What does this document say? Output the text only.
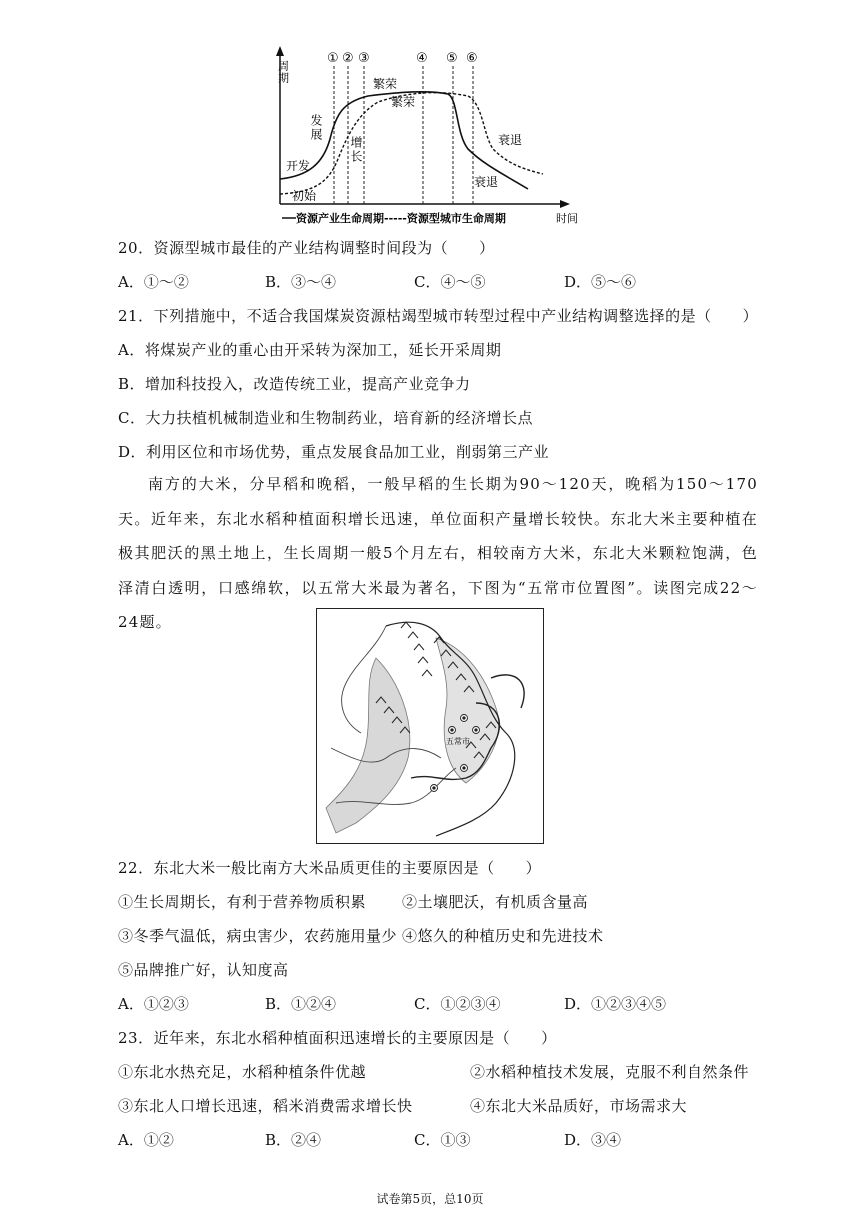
周期
时间
① ② ③	④ ⑤ ⑥
繁荣
繁荣
发展
增长
开发
初始
衰退
衰退
资源产业生命周期-----资源型城市生命周期
20．资源型城市最佳的产业结构调整时间段为（　　）
A．①～②	B．③～④	C．④～⑤	D．⑤～⑥
21．下列措施中，不适合我国煤炭资源枯竭型城市转型过程中产业结构调整选择的是（　　）
A．将煤炭产业的重心由开采转为深加工，延长开采周期
B．增加科技投入，改造传统工业，提高产业竞争力
C．大力扶植机械制造业和生物制药业，培育新的经济增长点
D．利用区位和市场优势，重点发展食品加工业，削弱第三产业
南方的大米，分早稻和晚稻，一般早稻的生长期为90～120天，晚稻为150～170天。近年来，东北水稻种植面积增长迅速，单位面积产量增长较快。东北大米主要种植在极其肥沃的黑土地上，生长周期一般5个月左右，相较南方大米，东北大米颗粒饱满，色泽清白透明，口感绵软，以五常大米最为著名，下图为“五常市位置图”。读图完成22～24题。
五常市
22．东北大米一般比南方大米品质更佳的主要原因是（　　）
①生长周期长，有利于营养物质积累 ②土壤肥沃，有机质含量高
③冬季气温低，病虫害少，农药施用量少 ④悠久的种植历史和先进技术
⑤品牌推广好，认知度高
A．①②③	B．①②④	C．①②③④	D．①②③④⑤
23．近年来，东北水稻种植面积迅速增长的主要原因是（　　）
①东北水热充足，水稻种植条件优越	②水稻种植技术发展，克服不利自然条件
③东北人口增长迅速，稻米消费需求增长快	④东北大米品质好，市场需求大
A．①②	B．②④	C．①③	D．③④
试卷第5页，总10页
